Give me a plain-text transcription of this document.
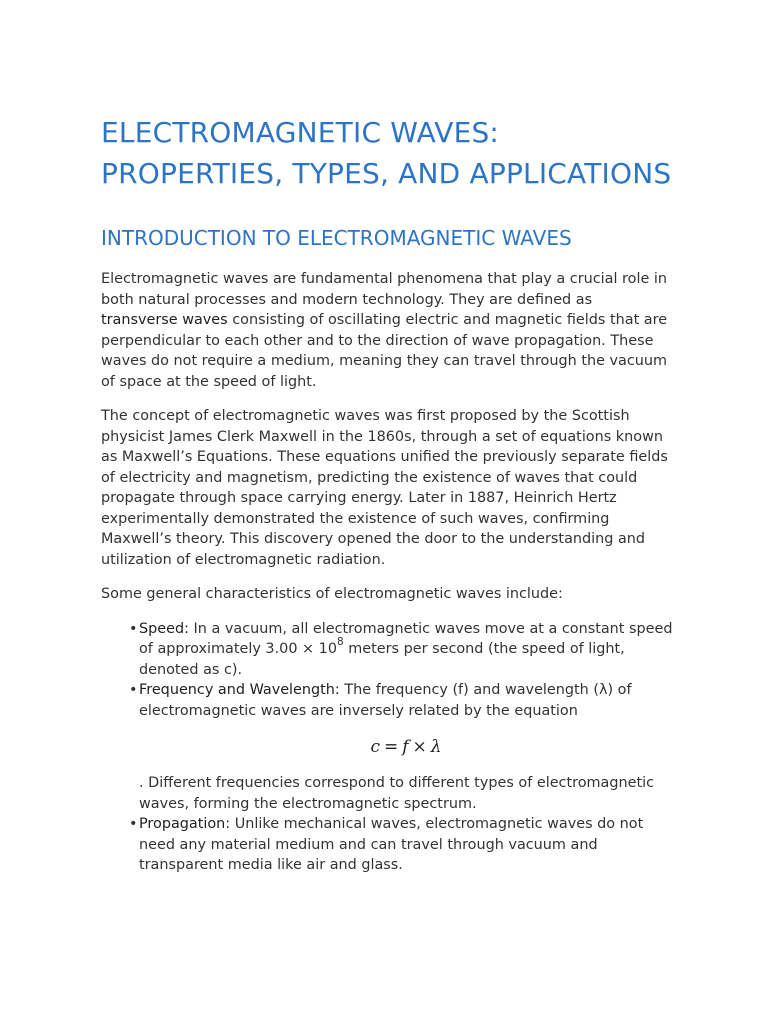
ELECTROMAGNETIC WAVES: PROPERTIES, TYPES, AND APPLICATIONS
INTRODUCTION TO ELECTROMAGNETIC WAVES

Electromagnetic waves are fundamental phenomena that play a crucial role in both natural processes and modern technology. They are defined as transverse waves consisting of oscillating electric and magnetic fields that are perpendicular to each other and to the direction of wave propagation. These waves do not require a medium, meaning they can travel through the vacuum of space at the speed of light.

The concept of electromagnetic waves was first proposed by the Scottish physicist James Clerk Maxwell in the 1860s, through a set of equations known as Maxwell’s Equations. These equations unified the previously separate fields of electricity and magnetism, predicting the existence of waves that could propagate through space carrying energy. Later in 1887, Heinrich Hertz experimentally demonstrated the existence of such waves, confirming Maxwell’s theory. This discovery opened the door to the understanding and utilization of electromagnetic radiation.

Some general characteristics of electromagnetic waves include:

• Speed: In a vacuum, all electromagnetic waves move at a constant speed of approximately $3.00 \times 10^8$ meters per second (the speed of light, denoted as c).
• Frequency and Wavelength: The frequency (f) and wavelength (λ) of electromagnetic waves are inversely related by the equation
c = f × λ
. Different frequencies correspond to different types of electromagnetic waves, forming the electromagnetic spectrum.
• Propagation: Unlike mechanical waves, electromagnetic waves do not need any material medium and can travel through vacuum and transparent media like air and glass.
